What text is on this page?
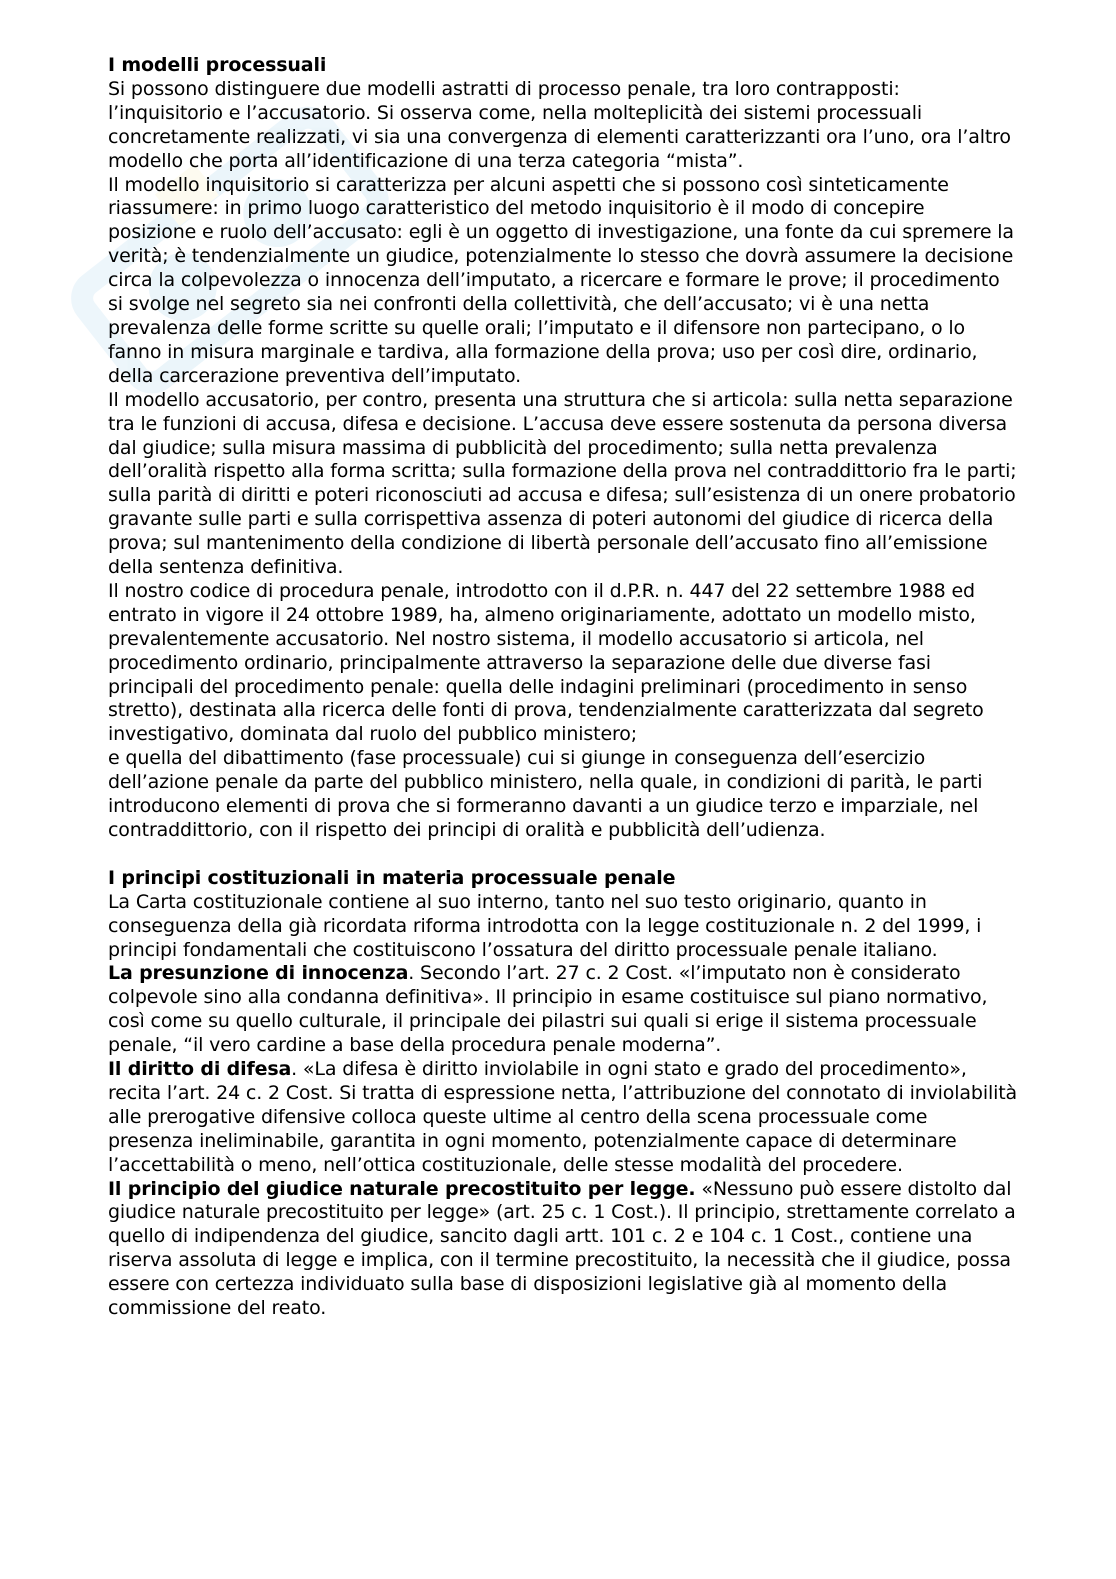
I modelli processuali

Si possono distinguere due modelli astratti di processo penale, tra loro contrapposti: l’inquisitorio e l’accusatorio. Si osserva come, nella molteplicità dei sistemi processuali concretamente realizzati, vi sia una convergenza di elementi caratterizzanti ora l’uno, ora l’altro modello che porta all’identificazione di una terza categoria “mista”.

Il modello inquisitorio si caratterizza per alcuni aspetti che si possono così sinteticamente riassumere: in primo luogo caratteristico del metodo inquisitorio è il modo di concepire posizione e ruolo dell’accusato: egli è un oggetto di investigazione, una fonte da cui spremere la verità; è tendenzialmente un giudice, potenzialmente lo stesso che dovrà assumere la decisione circa la colpevolezza o innocenza dell’imputato, a ricercare e formare le prove; il procedimento si svolge nel segreto sia nei confronti della collettività, che dell’accusato; vi è una netta prevalenza delle forme scritte su quelle orali; l’imputato e il difensore non partecipano, o lo fanno in misura marginale e tardiva, alla formazione della prova; uso per così dire, ordinario, della carcerazione preventiva dell’imputato.

Il modello accusatorio, per contro, presenta una struttura che si articola: sulla netta separazione tra le funzioni di accusa, difesa e decisione. L’accusa deve essere sostenuta da persona diversa dal giudice; sulla misura massima di pubblicità del procedimento; sulla netta prevalenza dell’oralità rispetto alla forma scritta; sulla formazione della prova nel contraddittorio fra le parti; sulla parità di diritti e poteri riconosciuti ad accusa e difesa; sull’esistenza di un onere probatorio gravante sulle parti e sulla corrispettiva assenza di poteri autonomi del giudice di ricerca della prova; sul mantenimento della condizione di libertà personale dell’accusato fino all’emissione della sentenza definitiva.

Il nostro codice di procedura penale, introdotto con il d.P.R. n. 447 del 22 settembre 1988 ed entrato in vigore il 24 ottobre 1989, ha, almeno originariamente, adottato un modello misto, prevalentemente accusatorio. Nel nostro sistema, il modello accusatorio si articola, nel procedimento ordinario, principalmente attraverso la separazione delle due diverse fasi principali del procedimento penale: quella delle indagini preliminari (procedimento in senso stretto), destinata alla ricerca delle fonti di prova, tendenzialmente caratterizzata dal segreto investigativo, dominata dal ruolo del pubblico ministero;

e quella del dibattimento (fase processuale) cui si giunge in conseguenza dell’esercizio dell’azione penale da parte del pubblico ministero, nella quale, in condizioni di parità, le parti introducono elementi di prova che si formeranno davanti a un giudice terzo e imparziale, nel contraddittorio, con il rispetto dei principi di oralità e pubblicità dell’udienza.

I principi costituzionali in materia processuale penale

La Carta costituzionale contiene al suo interno, tanto nel suo testo originario, quanto in conseguenza della già ricordata riforma introdotta con la legge costituzionale n. 2 del 1999, i principi fondamentali che costituiscono l’ossatura del diritto processuale penale italiano.

La presunzione di innocenza. Secondo l’art. 27 c. 2 Cost. «l’imputato non è considerato colpevole sino alla condanna definitiva». Il principio in esame costituisce sul piano normativo, così come su quello culturale, il principale dei pilastri sui quali si erige il sistema processuale penale, “il vero cardine a base della procedura penale moderna”.

Il diritto di difesa. «La difesa è diritto inviolabile in ogni stato e grado del procedimento», recita l’art. 24 c. 2 Cost. Si tratta di espressione netta, l’attribuzione del connotato di inviolabilità alle prerogative difensive colloca queste ultime al centro della scena processuale come presenza ineliminabile, garantita in ogni momento, potenzialmente capace di determinare l’accettabilità o meno, nell’ottica costituzionale, delle stesse modalità del procedere.

Il principio del giudice naturale precostituito per legge. «Nessuno può essere distolto dal giudice naturale precostituito per legge» (art. 25 c. 1 Cost.). Il principio, strettamente correlato a quello di indipendenza del giudice, sancito dagli artt. 101 c. 2 e 104 c. 1 Cost., contiene una riserva assoluta di legge e implica, con il termine precostituito, la necessità che il giudice, possa essere con certezza individuato sulla base di disposizioni legislative già al momento della commissione del reato.
